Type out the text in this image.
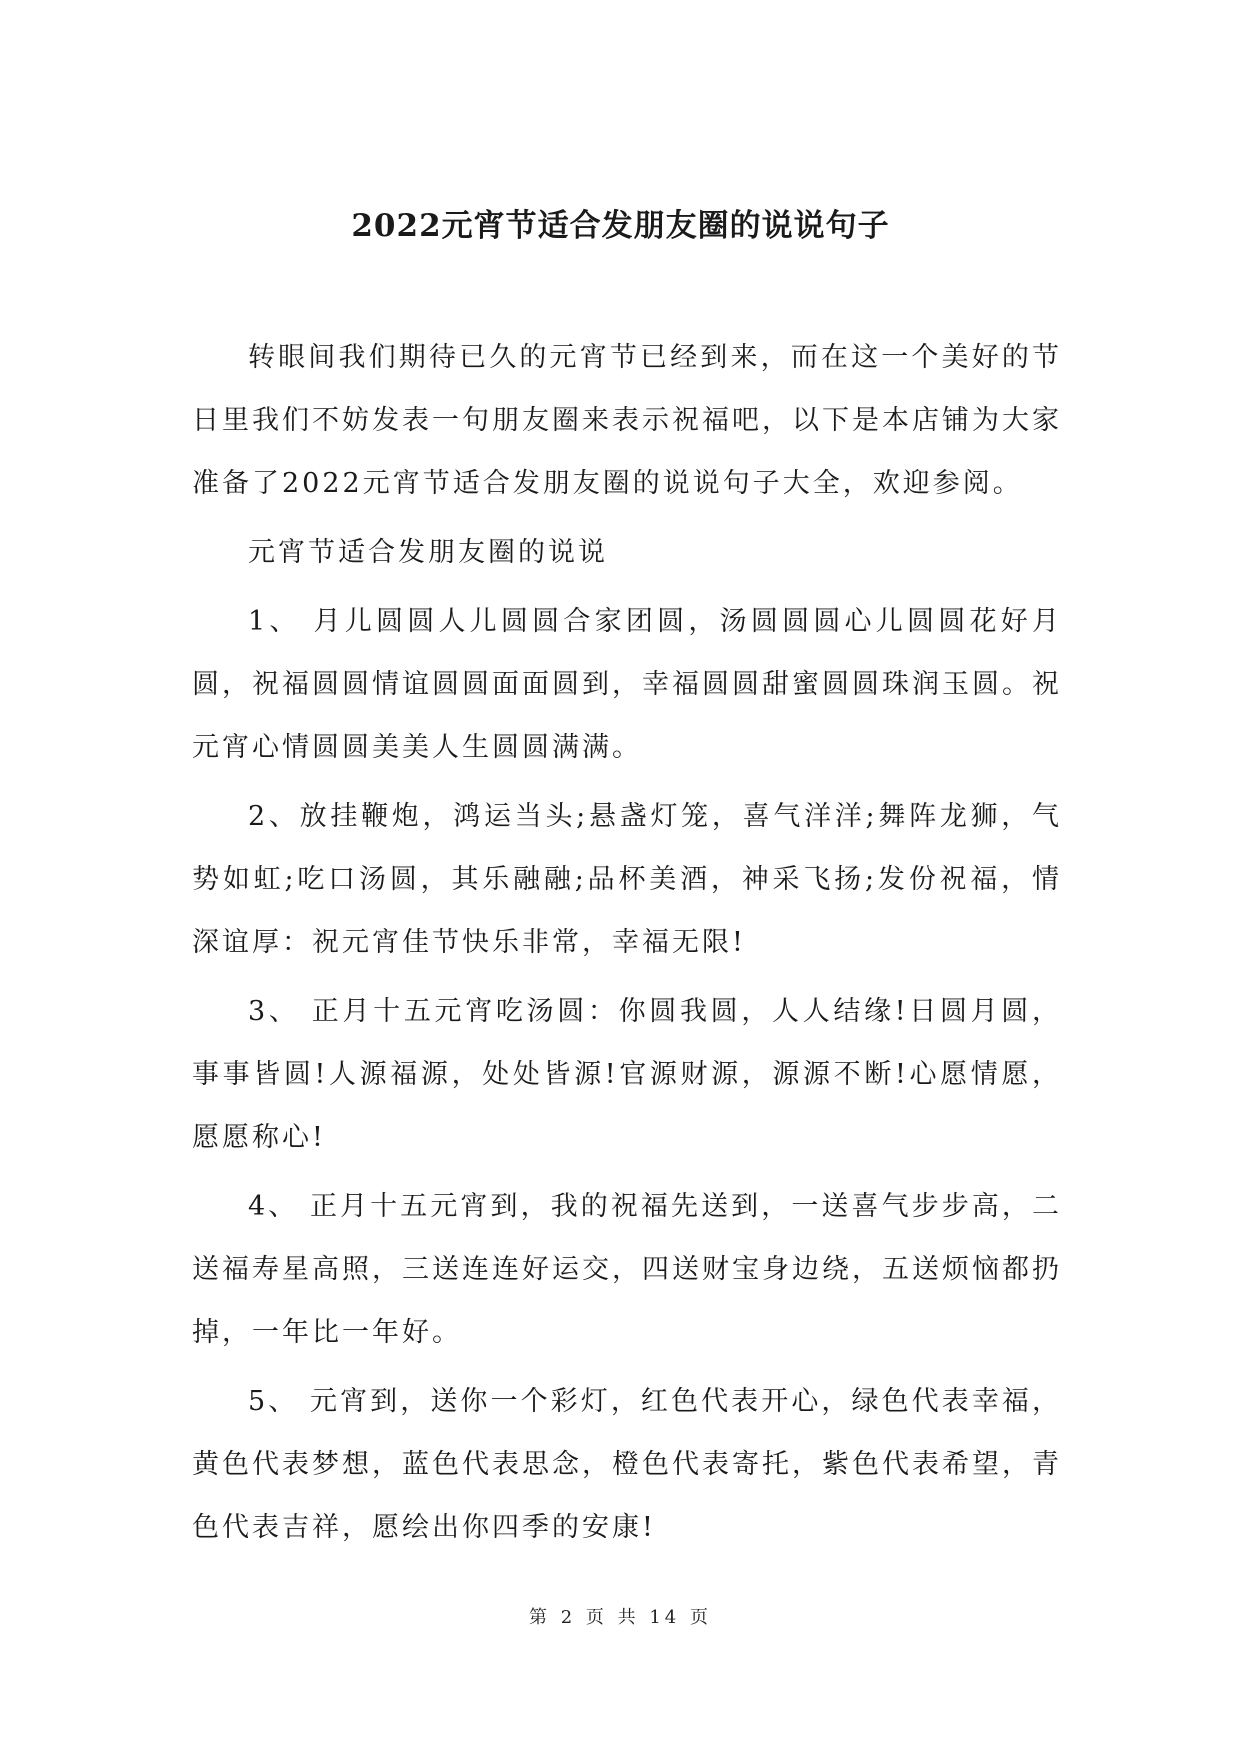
2022元宵节适合发朋友圈的说说句子

转眼间我们期待已久的元宵节已经到来，而在这一个美好的节日里我们不妨发表一句朋友圈来表示祝福吧，以下是本店铺为大家准备了2022元宵节适合发朋友圈的说说句子大全，欢迎参阅。

元宵节适合发朋友圈的说说

1、 月儿圆圆人儿圆圆合家团圆，汤圆圆圆心儿圆圆花好月圆，祝福圆圆情谊圆圆面面圆到，幸福圆圆甜蜜圆圆珠润玉圆。祝元宵心情圆圆美美人生圆圆满满。

2、放挂鞭炮，鸿运当头;悬盏灯笼，喜气洋洋;舞阵龙狮，气势如虹;吃口汤圆，其乐融融;品杯美酒，神采飞扬;发份祝福，情深谊厚：祝元宵佳节快乐非常，幸福无限!

3、 正月十五元宵吃汤圆：你圆我圆，人人结缘!日圆月圆，事事皆圆!人源福源，处处皆源!官源财源，源源不断!心愿情愿，愿愿称心!

4、 正月十五元宵到，我的祝福先送到，一送喜气步步高，二送福寿星高照，三送连连好运交，四送财宝身边绕，五送烦恼都扔掉，一年比一年好。

5、 元宵到，送你一个彩灯，红色代表开心，绿色代表幸福，黄色代表梦想，蓝色代表思念，橙色代表寄托，紫色代表希望，青色代表吉祥，愿绘出你四季的安康!

第 2 页 共 14 页
